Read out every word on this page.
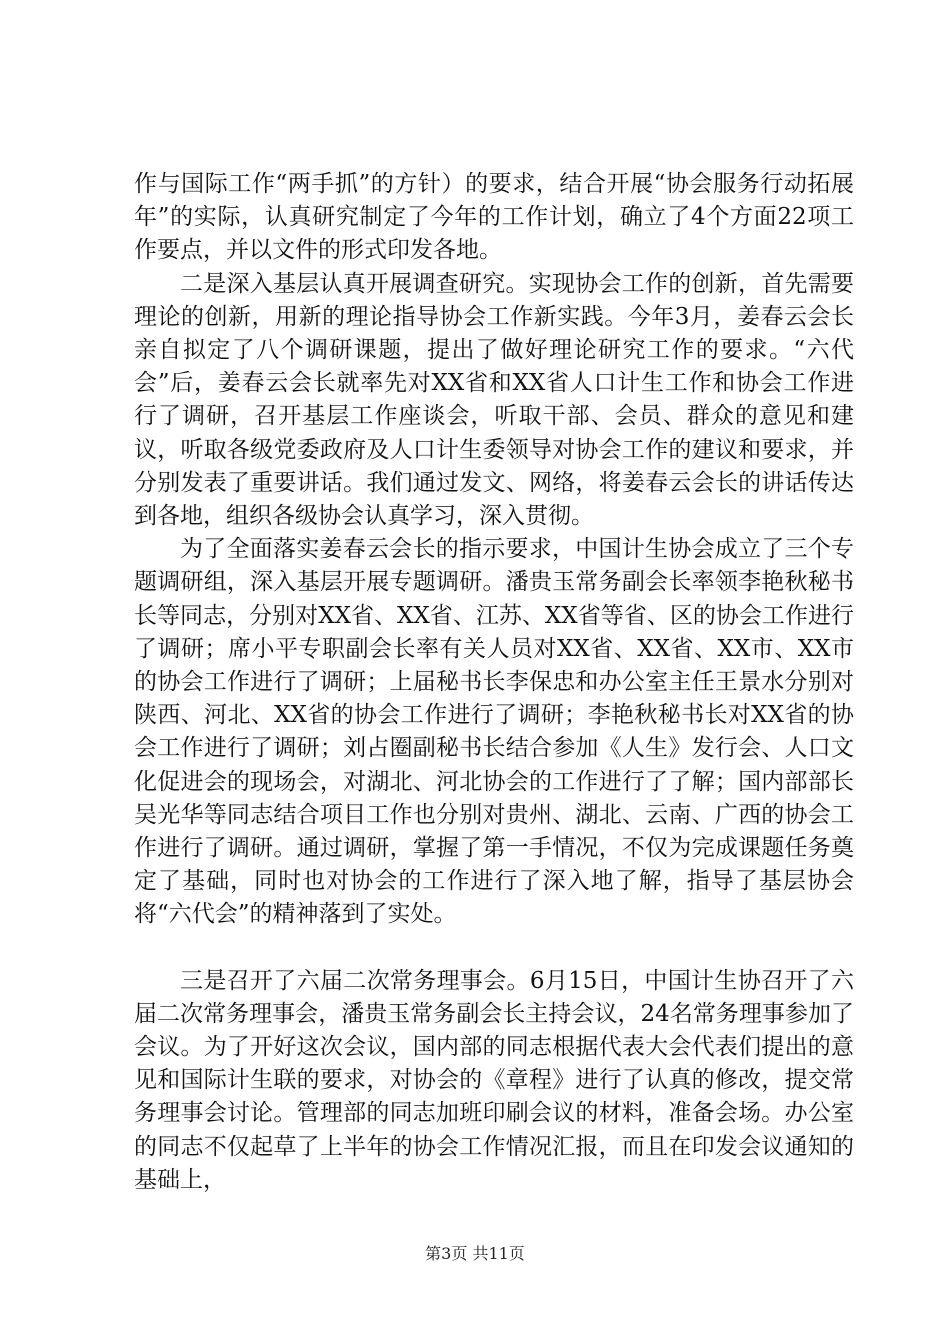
作与国际工作“两手抓”的方针）的要求，结合开展“协会服务行动拓展年”的实际，认真研究制定了今年的工作计划，确立了4个方面22项工作要点，并以文件的形式印发各地。

二是深入基层认真开展调查研究。实现协会工作的创新，首先需要理论的创新，用新的理论指导协会工作新实践。今年3月，姜春云会长亲自拟定了八个调研课题，提出了做好理论研究工作的要求。“六代会”后，姜春云会长就率先对XX省和XX省人口计生工作和协会工作进行了调研，召开基层工作座谈会，听取干部、会员、群众的意见和建议，听取各级党委政府及人口计生委领导对协会工作的建议和要求，并分别发表了重要讲话。我们通过发文、网络，将姜春云会长的讲话传达到各地，组织各级协会认真学习，深入贯彻。

为了全面落实姜春云会长的指示要求，中国计生协会成立了三个专题调研组，深入基层开展专题调研。潘贵玉常务副会长率领李艳秋秘书长等同志，分别对XX省、XX省、江苏、XX省等省、区的协会工作进行了调研；席小平专职副会长率有关人员对XX省、XX省、XX市、XX市的协会工作进行了调研；上届秘书长李保忠和办公室主任王景水分别对陕西、河北、XX省的协会工作进行了调研；李艳秋秘书长对XX省的协会工作进行了调研；刘占圈副秘书长结合参加《人生》发行会、人口文化促进会的现场会，对湖北、河北协会的工作进行了了解；国内部部长吴光华等同志结合项目工作也分别对贵州、湖北、云南、广西的协会工作进行了调研。通过调研，掌握了第一手情况，不仅为完成课题任务奠定了基础，同时也对协会的工作进行了深入地了解，指导了基层协会将“六代会”的精神落到了实处。

三是召开了六届二次常务理事会。6月15日，中国计生协召开了六届二次常务理事会，潘贵玉常务副会长主持会议，24名常务理事参加了会议。为了开好这次会议，国内部的同志根据代表大会代表们提出的意见和国际计生联的要求，对协会的《章程》进行了认真的修改，提交常务理事会讨论。管理部的同志加班印刷会议的材料，准备会场。办公室的同志不仅起草了上半年的协会工作情况汇报，而且在印发会议通知的基础上，

第3页 共11页
